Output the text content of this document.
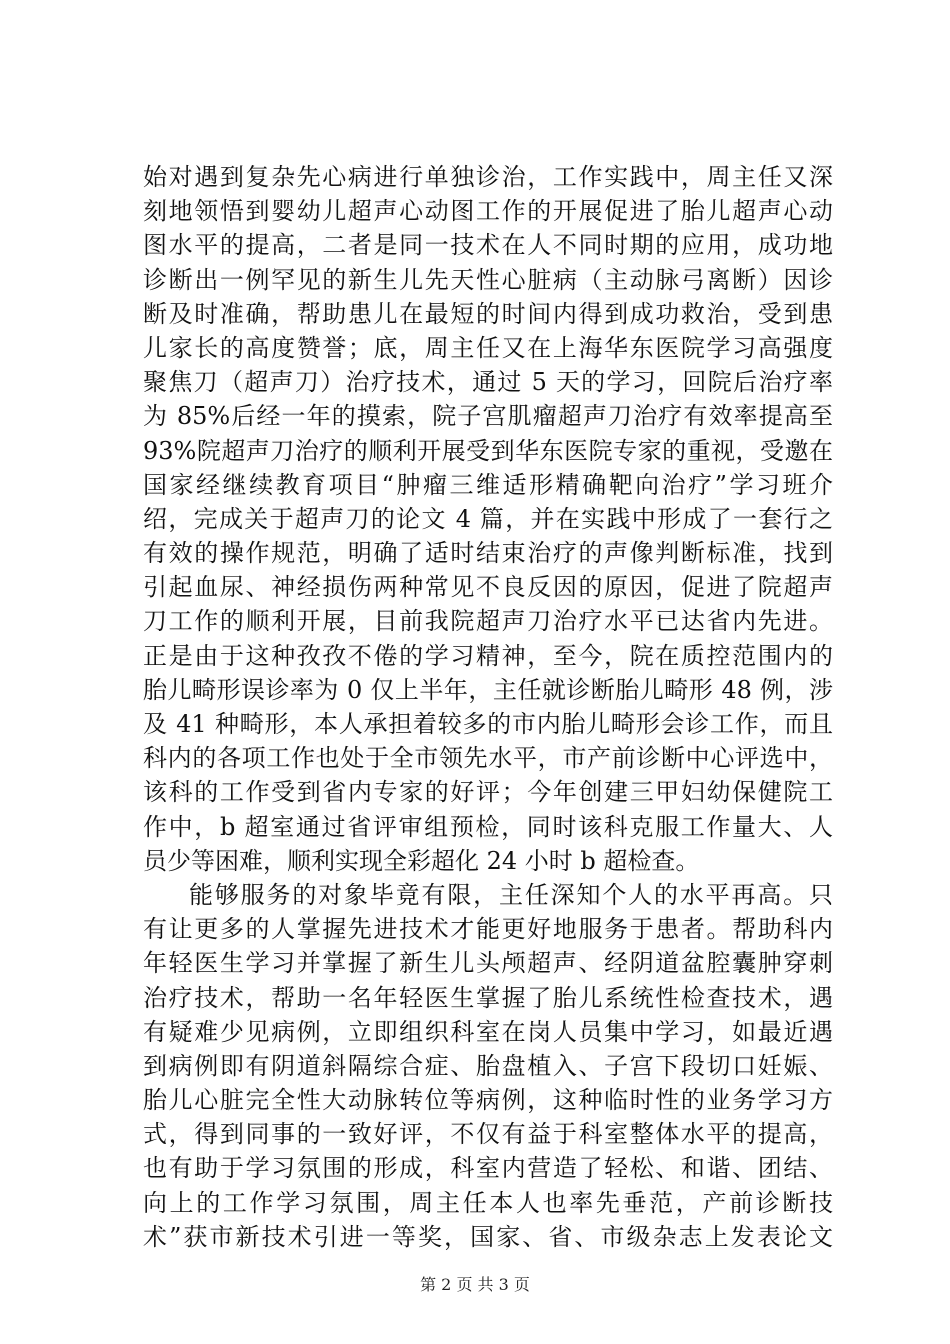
始对遇到复杂先心病进行单独诊治，工作实践中，周主任又深
刻地领悟到婴幼儿超声心动图工作的开展促进了胎儿超声心动
图水平的提高，二者是同一技术在人不同时期的应用，成功地
诊断出一例罕见的新生儿先天性心脏病（主动脉弓离断）因诊
断及时准确，帮助患儿在最短的时间内得到成功救治，受到患
儿家长的高度赞誉；底，周主任又在上海华东医院学习高强度
聚焦刀（超声刀）治疗技术，通过 5 天的学习，回院后治疗率
为 85%后经一年的摸索，院子宫肌瘤超声刀治疗有效率提高至
93%院超声刀治疗的顺利开展受到华东医院专家的重视，受邀在
国家经继续教育项目“肿瘤三维适形精确靶向治疗”学习班介
绍，完成关于超声刀的论文 4 篇，并在实践中形成了一套行之
有效的操作规范，明确了适时结束治疗的声像判断标准，找到
引起血尿、神经损伤两种常见不良反因的原因，促进了院超声
刀工作的顺利开展，目前我院超声刀治疗水平已达省内先进。
正是由于这种孜孜不倦的学习精神，至今，院在质控范围内的
胎儿畸形误诊率为 0 仅上半年，主任就诊断胎儿畸形 48 例，涉
及 41 种畸形，本人承担着较多的市内胎儿畸形会诊工作，而且
科内的各项工作也处于全市领先水平，市产前诊断中心评选中，
该科的工作受到省内专家的好评；今年创建三甲妇幼保健院工
作中，b 超室通过省评审组预检，同时该科克服工作量大、人
员少等困难，顺利实现全彩超化 24 小时 b 超检查。
能够服务的对象毕竟有限，主任深知个人的水平再高。只
有让更多的人掌握先进技术才能更好地服务于患者。帮助科内
年轻医生学习并掌握了新生儿头颅超声、经阴道盆腔囊肿穿刺
治疗技术，帮助一名年轻医生掌握了胎儿系统性检查技术，遇
有疑难少见病例，立即组织科室在岗人员集中学习，如最近遇
到病例即有阴道斜隔综合症、胎盘植入、子宫下段切口妊娠、
胎儿心脏完全性大动脉转位等病例，这种临时性的业务学习方
式，得到同事的一致好评，不仅有益于科室整体水平的提高，
也有助于学习氛围的形成，科室内营造了轻松、和谐、团结、
向上的工作学习氛围，周主任本人也率先垂范，产前诊断技
术”获市新技术引进一等奖，国家、省、市级杂志上发表论文
第 2 页 共 3 页
